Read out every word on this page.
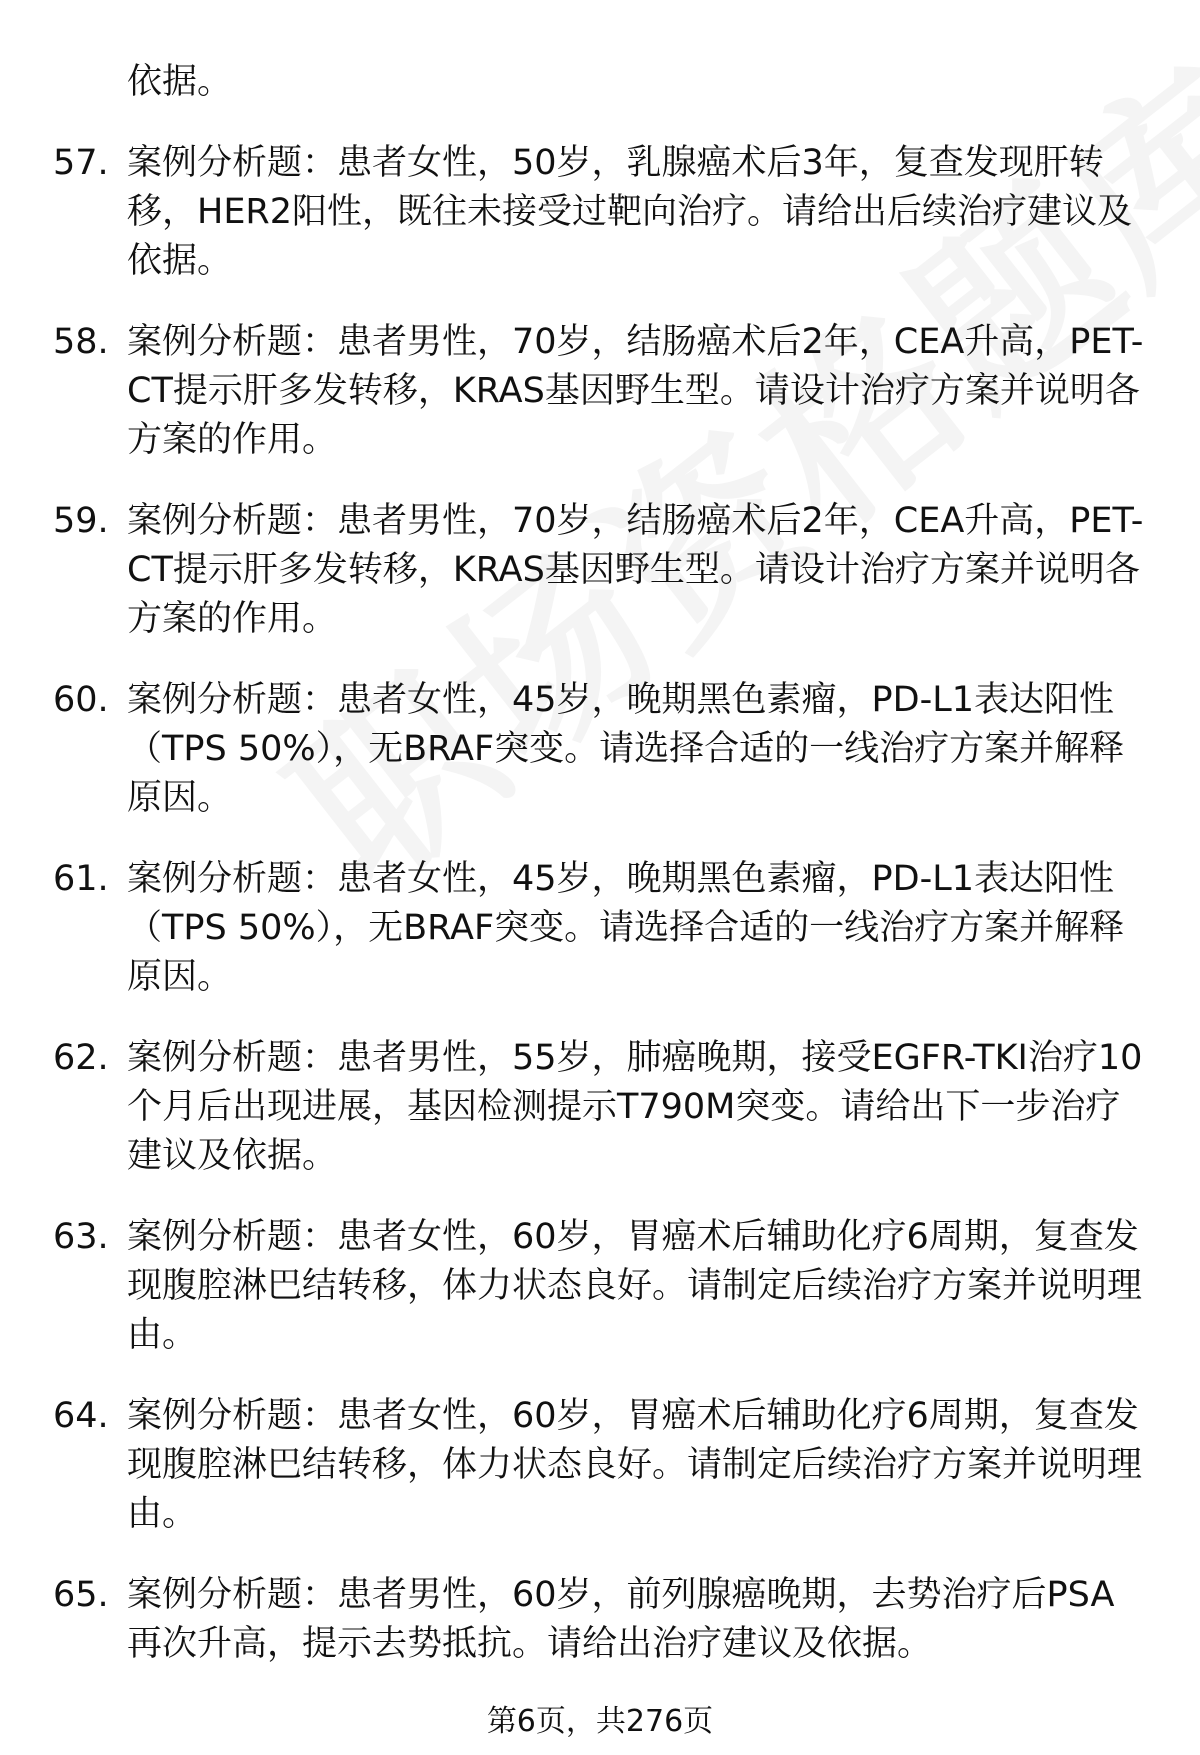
依据。
57. 案例分析题：患者女性，50岁，乳腺癌术后3年，复查发现肝转移，HER2阳性，既往未接受过靶向治疗。请给出后续治疗建议及依据。
58. 案例分析题：患者男性，70岁，结肠癌术后2年，CEA升高，PET-CT提示肝多发转移，KRAS基因野生型。请设计治疗方案并说明各方案的作用。
59. 案例分析题：患者男性，70岁，结肠癌术后2年，CEA升高，PET-CT提示肝多发转移，KRAS基因野生型。请设计治疗方案并说明各方案的作用。
60. 案例分析题：患者女性，45岁，晚期黑色素瘤，PD-L1表达阳性（TPS 50%），无BRAF突变。请选择合适的一线治疗方案并解释原因。
61. 案例分析题：患者女性，45岁，晚期黑色素瘤，PD-L1表达阳性（TPS 50%），无BRAF突变。请选择合适的一线治疗方案并解释原因。
62. 案例分析题：患者男性，55岁，肺癌晚期，接受EGFR-TKI治疗10个月后出现进展，基因检测提示T790M突变。请给出下一步治疗建议及依据。
63. 案例分析题：患者女性，60岁，胃癌术后辅助化疗6周期，复查发现腹腔淋巴结转移，体力状态良好。请制定后续治疗方案并说明理由。
64. 案例分析题：患者女性，60岁，胃癌术后辅助化疗6周期，复查发现腹腔淋巴结转移，体力状态良好。请制定后续治疗方案并说明理由。
65. 案例分析题：患者男性，60岁，前列腺癌晚期，去势治疗后PSA再次升高，提示去势抵抗。请给出治疗建议及依据。
第6页，共276页
